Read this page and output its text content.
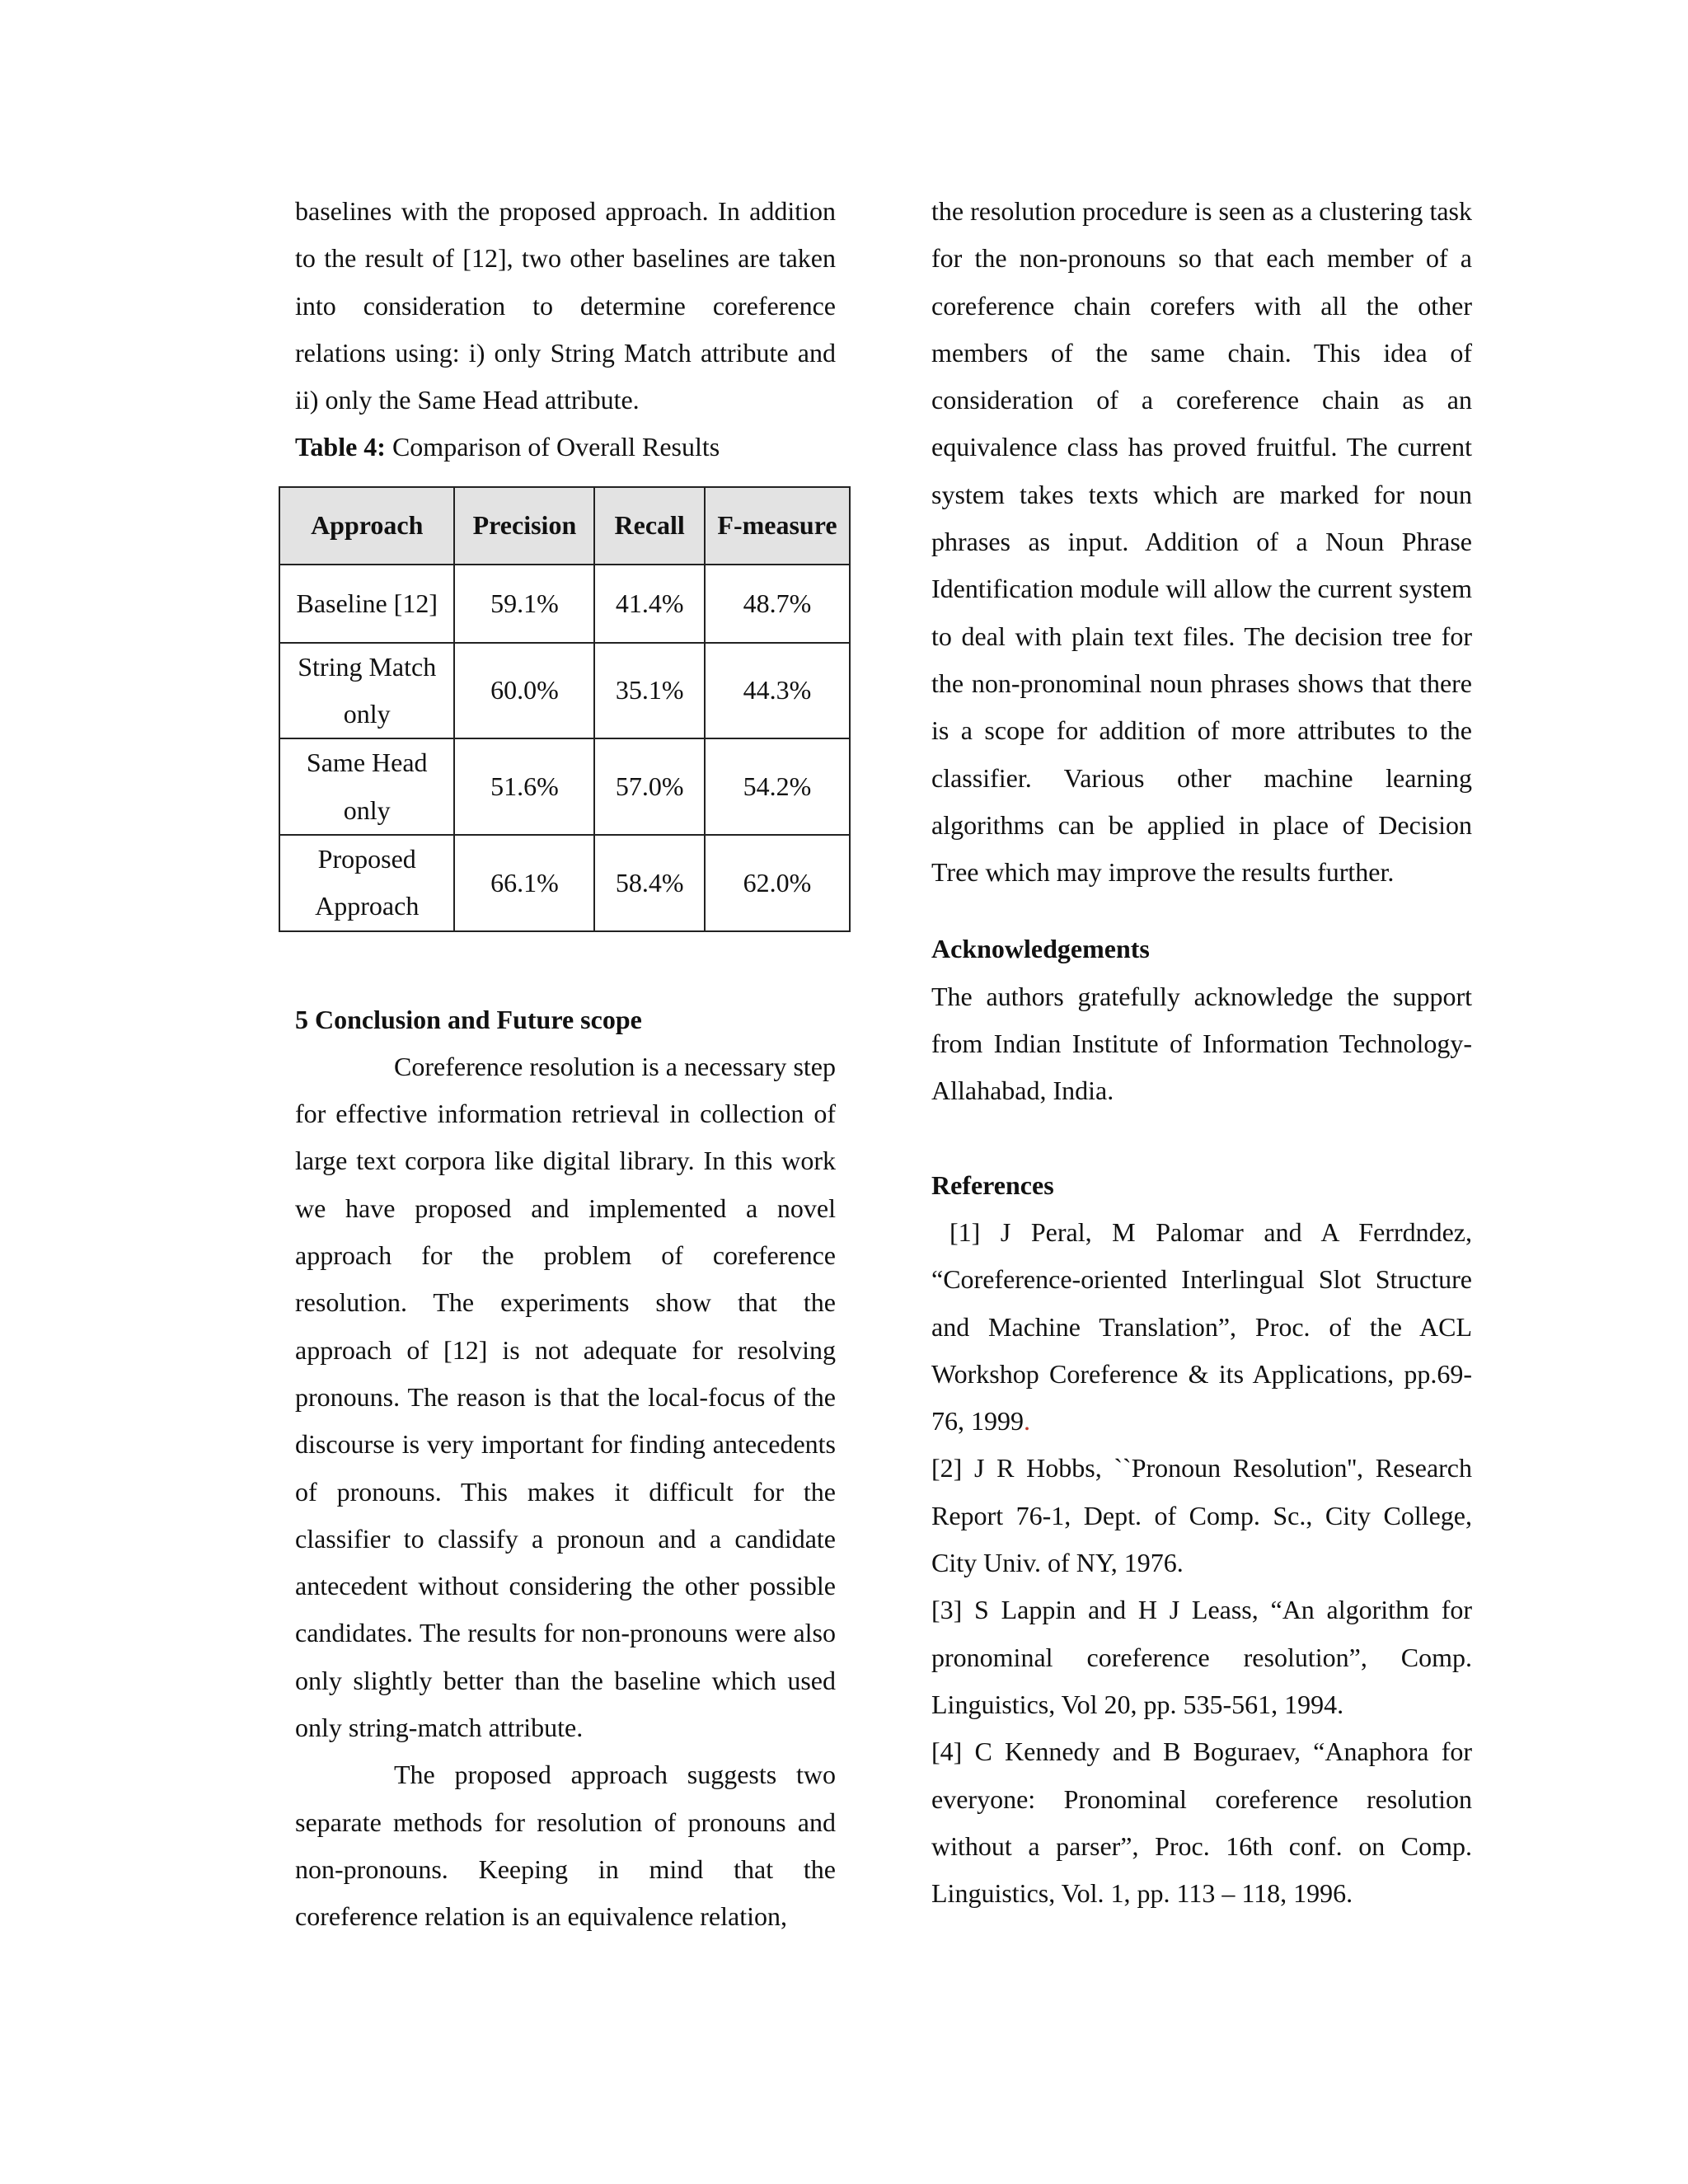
baselines with the proposed approach. In addition to the result of [12], two other baselines are taken into consideration to determine coreference relations using: i) only String Match attribute and ii) only the Same Head attribute.

Table 4: Comparison of Overall Results

Approach	Precision	Recall	F-measure
Baseline [12]	59.1%	41.4%	48.7%
String Match only	60.0%	35.1%	44.3%
Same Head only	51.6%	57.0%	54.2%
Proposed Approach	66.1%	58.4%	62.0%

5 Conclusion and Future scope

Coreference resolution is a necessary step for effective information retrieval in collection of large text corpora like digital library. In this work we have proposed and implemented a novel approach for the problem of coreference resolution. The experiments show that the approach of [12] is not adequate for resolving pronouns. The reason is that the local-focus of the discourse is very important for finding antecedents of pronouns. This makes it difficult for the classifier to classify a pronoun and a candidate antecedent without considering the other possible candidates. The results for non-pronouns were also only slightly better than the baseline which used only string-match attribute.

The proposed approach suggests two separate methods for resolution of pronouns and non-pronouns. Keeping in mind that the coreference relation is an equivalence relation,

the resolution procedure is seen as a clustering task for the non-pronouns so that each member of a coreference chain corefers with all the other members of the same chain. This idea of consideration of a coreference chain as an equivalence class has proved fruitful. The current system takes texts which are marked for noun phrases as input. Addition of a Noun Phrase Identification module will allow the current system to deal with plain text files. The decision tree for the non-pronominal noun phrases shows that there is a scope for addition of more attributes to the classifier. Various other machine learning algorithms can be applied in place of Decision Tree which may improve the results further.

Acknowledgements

The authors gratefully acknowledge the support from Indian Institute of Information Technology-Allahabad, India.

References

[1] J Peral, M Palomar and A Ferrdndez, “Coreference-oriented Interlingual Slot Structure and Machine Translation”, Proc. of the ACL Workshop Coreference & its Applications, pp.69-76, 1999.

[2] J R Hobbs, ``Pronoun Resolution'', Research Report 76-1, Dept. of Comp. Sc., City College, City Univ. of NY, 1976.

[3] S Lappin and H J Leass, “An algorithm for pronominal coreference resolution”, Comp. Linguistics, Vol 20, pp. 535-561, 1994.

[4] C Kennedy and B Boguraev, “Anaphora for everyone: Pronominal coreference resolution without a parser”, Proc. 16th conf. on Comp. Linguistics, Vol. 1, pp. 113 – 118, 1996.
